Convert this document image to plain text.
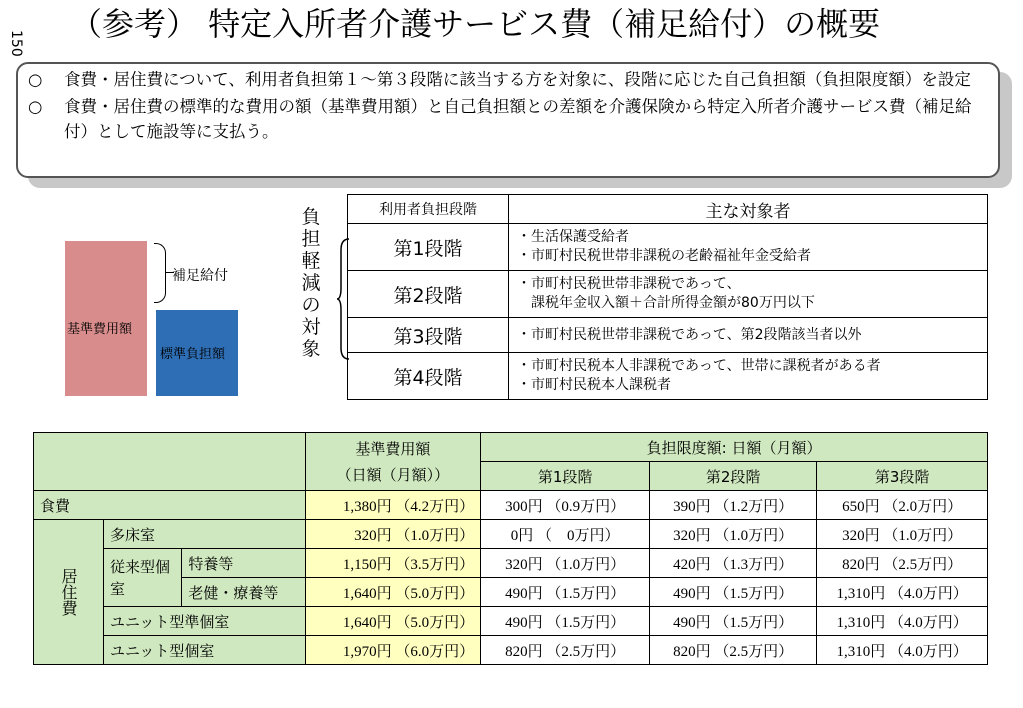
150
（参考） 特定入所者介護サービス費（補足給付）の概要

○ 食費・居住費について、利用者負担第１～第３段階に該当する方を対象に、段階に応じた自己負担額（負担限度額）を設定

○ 食費・居住費の標準的な費用の額（基準費用額）と自己負担額との差額を介護保険から特定入所者介護サービス費（補足給付）として施設等に支払う。

基準費用額
標準負担額
補足給付
負担軽減の対象
利用者負担段階	主な対象者
第1段階	・生活保護受給者
・市町村民税世帯非課税の老齢福祉年金受給者

第2段階	・市町村民税世帯非課税であって、
　課税年金収入額＋合計所得金額が80万円以下

第3段階	・市町村民税世帯非課税であって、第2段階該当者以外

第4段階	・市町村民税本人非課税であって、世帯に課税者がある者
・市町村民税本人課税者

			基準費用額
（日額（月額））	負担限度額: 日額（月額）		
				第1段階	第2段階	第3段階
食費			1,380円 （4.2万円）	300円 （0.9万円）	390円 （1.2万円）	650円 （2.0万円）
居住費	多床室		320円 （1.0万円）	0円 （　0万円）	320円 （1.0万円）	320円 （1.0万円）
	従来型個室	特養等	1,150円 （3.5万円）	320円 （1.0万円）	420円 （1.3万円）	820円 （2.5万円）
		老健・療養等	1,640円 （5.0万円）	490円 （1.5万円）	490円 （1.5万円）	1,310円 （4.0万円）
	ユニット型準個室		1,640円 （5.0万円）	490円 （1.5万円）	490円 （1.5万円）	1,310円 （4.0万円）
	ユニット型個室		1,970円 （6.0万円）	820円 （2.5万円）	820円 （2.5万円）	1,310円 （4.0万円）
